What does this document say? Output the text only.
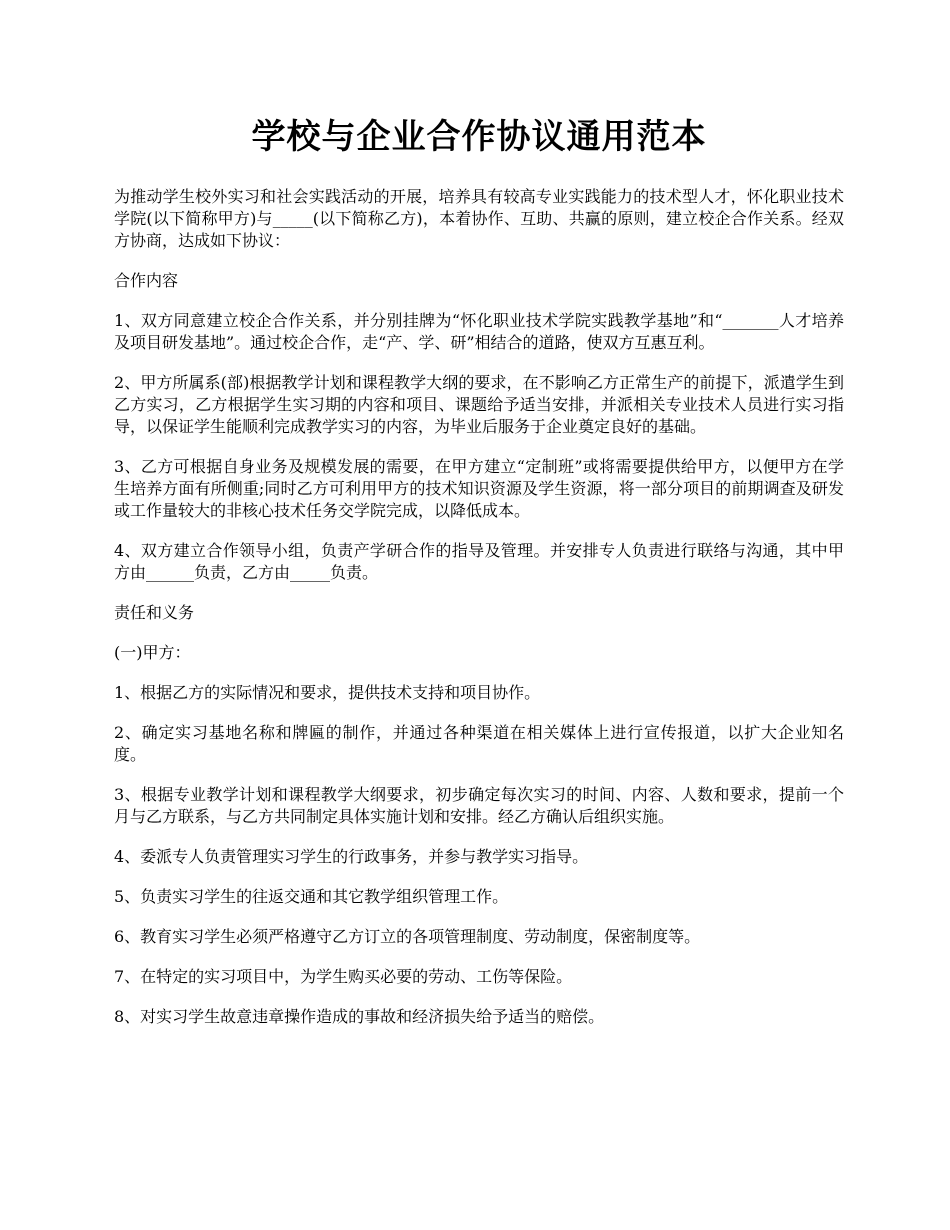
学校与企业合作协议通用范本

为推动学生校外实习和社会实践活动的开展，培养具有较高专业实践能力的技术型人才，怀化职业技术学院(以下简称甲方)与_____(以下简称乙方)，本着协作、互助、共赢的原则，建立校企合作关系。经双方协商，达成如下协议：

合作内容

1、双方同意建立校企合作关系，并分别挂牌为“怀化职业技术学院实践教学基地”和“_______人才培养及项目研发基地”。通过校企合作，走“产、学、研”相结合的道路，使双方互惠互利。

2、甲方所属系(部)根据教学计划和课程教学大纲的要求，在不影响乙方正常生产的前提下，派遣学生到乙方实习，乙方根据学生实习期的内容和项目、课题给予适当安排，并派相关专业技术人员进行实习指导，以保证学生能顺利完成教学实习的内容，为毕业后服务于企业奠定良好的基础。

3、乙方可根据自身业务及规模发展的需要，在甲方建立“定制班”或将需要提供给甲方，以便甲方在学生培养方面有所侧重;同时乙方可利用甲方的技术知识资源及学生资源，将一部分项目的前期调查及研发或工作量较大的非核心技术任务交学院完成，以降低成本。

4、双方建立合作领导小组，负责产学研合作的指导及管理。并安排专人负责进行联络与沟通，其中甲方由______负责，乙方由_____负责。

责任和义务

(一)甲方：

1、根据乙方的实际情况和要求，提供技术支持和项目协作。

2、确定实习基地名称和牌匾的制作，并通过各种渠道在相关媒体上进行宣传报道，以扩大企业知名度。

3、根据专业教学计划和课程教学大纲要求，初步确定每次实习的时间、内容、人数和要求，提前一个月与乙方联系，与乙方共同制定具体实施计划和安排。经乙方确认后组织实施。

4、委派专人负责管理实习学生的行政事务，并参与教学实习指导。

5、负责实习学生的往返交通和其它教学组织管理工作。

6、教育实习学生必须严格遵守乙方订立的各项管理制度、劳动制度，保密制度等。

7、在特定的实习项目中，为学生购买必要的劳动、工伤等保险。

8、对实习学生故意违章操作造成的事故和经济损失给予适当的赔偿。
